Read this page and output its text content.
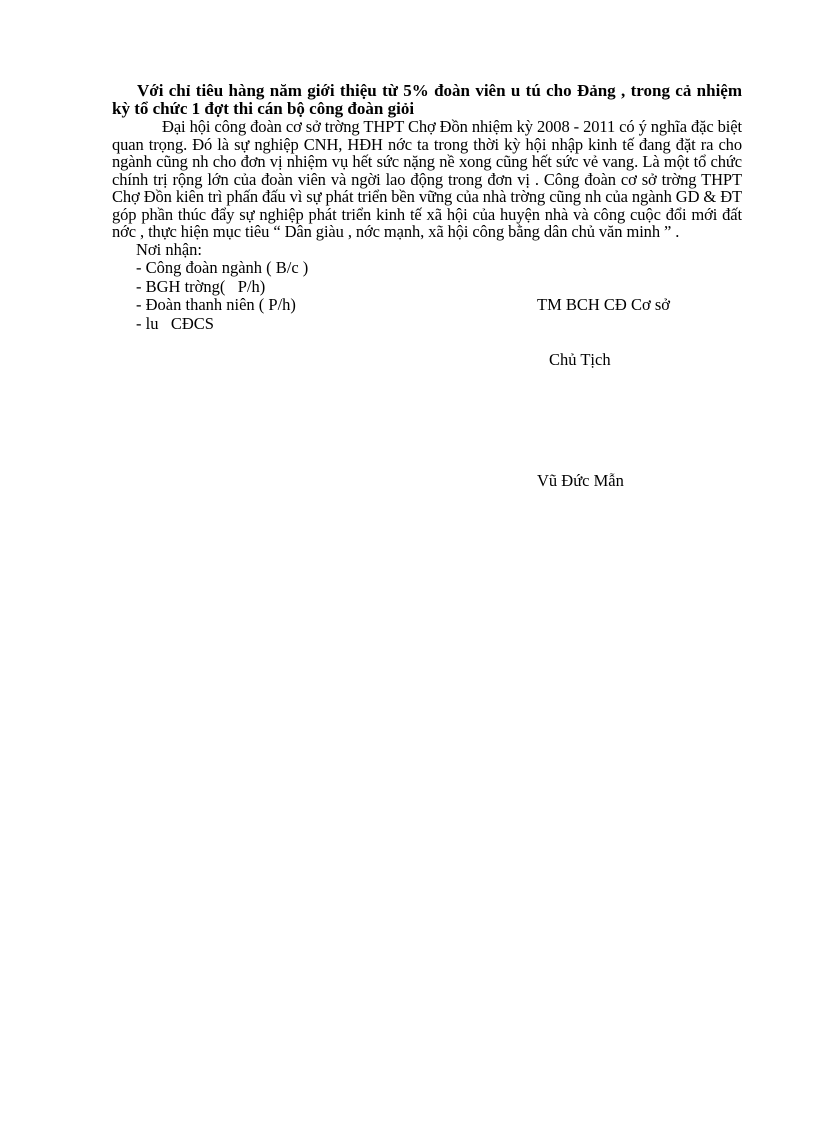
Với chỉ tiêu hàng năm giới thiệu từ 5% đoàn viên u tú cho Đảng , trong cả nhiệm kỳ tổ chức 1 đợt thi cán bộ công đoàn giỏi

Đại hội công đoàn cơ sở trờng THPT Chợ Đồn nhiệm kỳ 2008 - 2011 có ý nghĩa đặc biệt quan trọng. Đó là sự nghiệp CNH, HĐH nớc ta trong thời kỳ hội nhập kinh tế đang đặt ra cho ngành cũng nh cho đơn vị nhiệm vụ hết sức nặng nề xong cũng hết sức vẻ vang. Là một tổ chức chính trị rộng lớn của đoàn viên và ngời lao động trong đơn vị . Công đoàn cơ sở trờng THPT Chợ Đồn kiên trì phấn đấu vì sự phát triển bền vững của nhà trờng cũng nh của ngành GD & ĐT góp phần thúc đẩy sự nghiệp phát triển kinh tế xã hội của huyện nhà và công cuộc đổi mới đất nớc , thực hiện mục tiêu “ Dân giàu , nớc mạnh, xã hội công bằng dân chủ văn minh ” .

Nơi nhận:
- Công đoàn ngành ( B/c )
- BGH trờng(   P/h)
- Đoàn thanh niên ( P/h)
- lu   CĐCS

TM BCH CĐ Cơ sở

Chủ Tịch

Vũ Đức Mẫn
